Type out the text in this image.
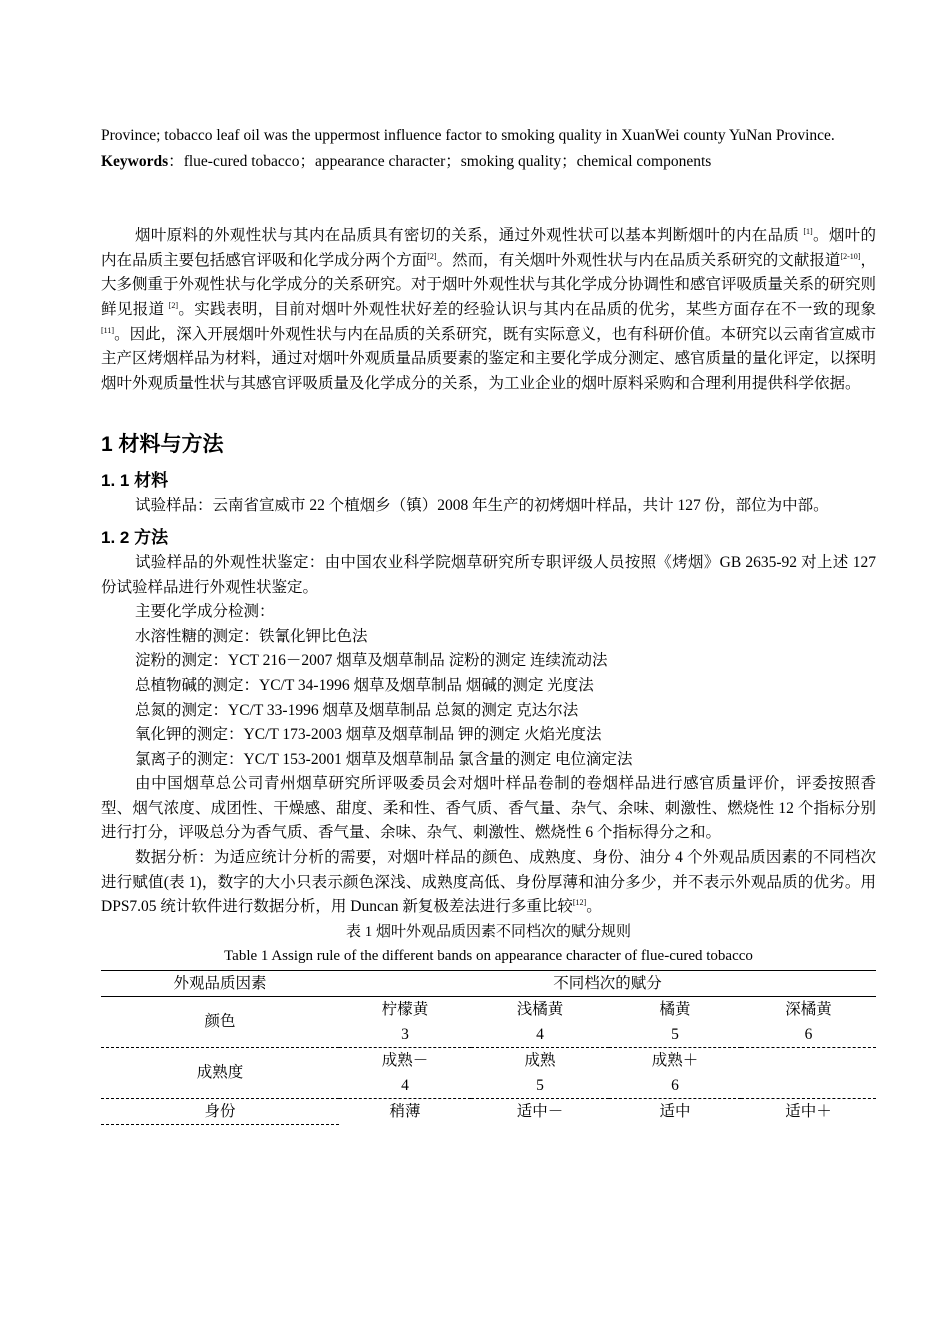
Province; tobacco leaf oil was the uppermost influence factor to smoking quality in XuanWei county YuNan Province.

Keywords：flue-cured tobacco；appearance character；smoking quality；chemical components

烟叶原料的外观性状与其内在品质具有密切的关系，通过外观性状可以基本判断烟叶的内在品质 [1]。烟叶的内在品质主要包括感官评吸和化学成分两个方面[2]。然而，有关烟叶外观性状与内在品质关系研究的文献报道[2-10]，大多侧重于外观性状与化学成分的关系研究。对于烟叶外观性状与其化学成分协调性和感官评吸质量关系的研究则鲜见报道 [2]。实践表明，目前对烟叶外观性状好差的经验认识与其内在品质的优劣，某些方面存在不一致的现象[11]。因此，深入开展烟叶外观性状与内在品质的关系研究，既有实际意义，也有科研价值。本研究以云南省宣威市主产区烤烟样品为材料，通过对烟叶外观质量品质要素的鉴定和主要化学成分测定、感官质量的量化评定，以探明烟叶外观质量性状与其感官评吸质量及化学成分的关系，为工业企业的烟叶原料采购和合理利用提供科学依据。

1 材料与方法
1. 1 材料

试验样品：云南省宣威市 22 个植烟乡（镇）2008 年生产的初烤烟叶样品，共计 127 份，部位为中部。

1. 2 方法

试验样品的外观性状鉴定：由中国农业科学院烟草研究所专职评级人员按照《烤烟》GB 2635-92 对上述 127 份试验样品进行外观性状鉴定。

主要化学成分检测：

水溶性糖的测定：铁氰化钾比色法

淀粉的测定：YCT 216－2007 烟草及烟草制品 淀粉的测定 连续流动法

总植物碱的测定：YC/T 34-1996 烟草及烟草制品 烟碱的测定 光度法

总氮的测定：YC/T 33-1996 烟草及烟草制品 总氮的测定 克达尔法

氧化钾的测定：YC/T 173-2003 烟草及烟草制品 钾的测定 火焰光度法

氯离子的测定：YC/T 153-2001 烟草及烟草制品 氯含量的测定 电位滴定法

由中国烟草总公司青州烟草研究所评吸委员会对烟叶样品卷制的卷烟样品进行感官质量评价，评委按照香型、烟气浓度、成团性、干燥感、甜度、柔和性、香气质、香气量、杂气、余味、刺激性、燃烧性 12 个指标分别进行打分，评吸总分为香气质、香气量、余味、杂气、刺激性、燃烧性 6 个指标得分之和。

数据分析：为适应统计分析的需要，对烟叶样品的颜色、成熟度、身份、油分 4 个外观品质因素的不同档次进行赋值(表 1)，数字的大小只表示颜色深浅、成熟度高低、身份厚薄和油分多少，并不表示外观品质的优劣。用 DPS7.05 统计软件进行数据分析，用 Duncan 新复极差法进行多重比较[12]。

表 1 烟叶外观品质因素不同档次的赋分规则

Table 1 Assign rule of the different bands on appearance character of flue-cured tobacco

外观品质因素	不同档次的赋分			
颜色	柠檬黄	浅橘黄	橘黄	深橘黄
	3	4	5	6
成熟度	成熟－	成熟	成熟＋	
	4	5	6	
身份	稍薄	适中－	适中	适中＋
